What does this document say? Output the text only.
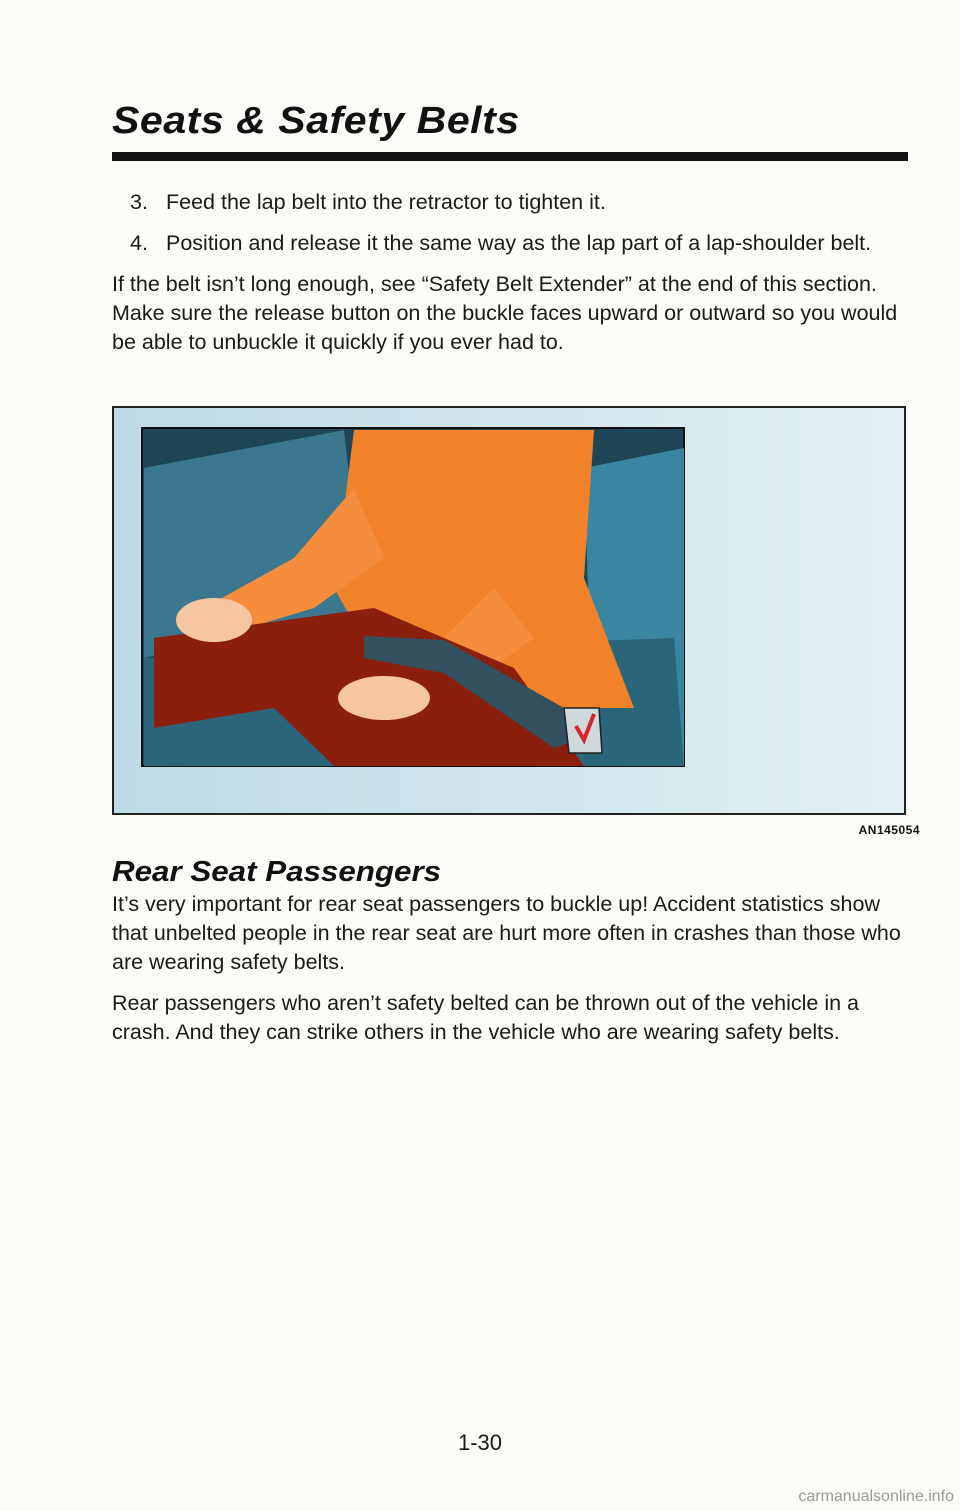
Seats & Safety Belts
3. Feed the lap belt into the retractor to tighten it.
4. Position and release it the same way as the lap part of a lap-shoulder belt.

If the belt isn’t long enough, see “Safety Belt Extender” at the end of this section. Make sure the release button on the buckle faces upward or outward so you would be able to unbuckle it quickly if you ever had to.

AN145054
Rear Seat Passengers

It’s very important for rear seat passengers to buckle up! Accident statistics show that unbelted people in the rear seat are hurt more often in crashes than those who are wearing safety belts.

Rear passengers who aren’t safety belted can be thrown out of the vehicle in a crash. And they can strike others in the vehicle who are wearing safety belts.

1-30
carmanualsonline.info
